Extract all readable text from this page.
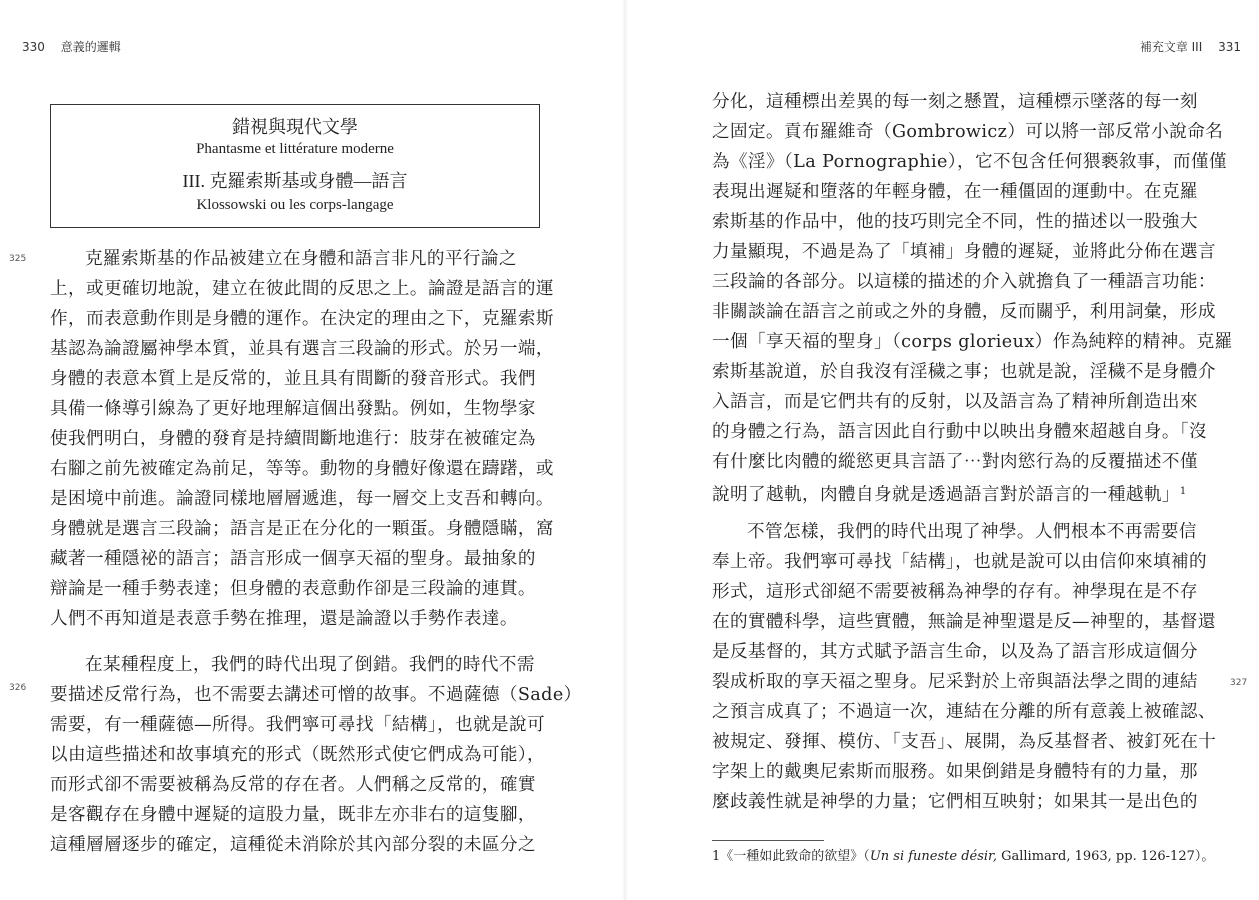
330 意義的邏輯
錯視與現代文學
Phantasme et littérature moderne
III. 克羅索斯基或身體—語言
Klossowski ou les corps-langage
325
326
克羅索斯基的作品被建立在身體和語言非凡的平行論之
上，或更確切地說，建立在彼此間的反思之上。論證是語言的運
作，而表意動作則是身體的運作。在決定的理由之下，克羅索斯
基認為論證屬神學本質，並具有選言三段論的形式。於另一端，
身體的表意本質上是反常的，並且具有間斷的發音形式。我們
具備一條導引線為了更好地理解這個出發點。例如，生物學家
使我們明白，身體的發育是持續間斷地進行：肢芽在被確定為
右腳之前先被確定為前足，等等。動物的身體好像還在躊躇，或
是困境中前進。論證同樣地層層遞進，每一層交上支吾和轉向。
身體就是選言三段論；語言是正在分化的一顆蛋。身體隱瞞，窩
藏著一種隱祕的語言；語言形成一個享天福的聖身。最抽象的
辯論是一種手勢表達；但身體的表意動作卻是三段論的連貫。
人們不再知道是表意手勢在推理，還是論證以手勢作表達。
在某種程度上，我們的時代出現了倒錯。我們的時代不需
要描述反常行為，也不需要去講述可憎的故事。不過薩德（Sade）
需要，有一種薩德—所得。我們寧可尋找「結構」，也就是說可
以由這些描述和故事填充的形式（既然形式使它們成為可能），
而形式卻不需要被稱為反常的存在者。人們稱之反常的，確實
是客觀存在身體中遲疑的這股力量，既非左亦非右的這隻腳，
這種層層逐步的確定，這種從未消除於其內部分裂的未區分之
補充文章 III 331
327
分化，這種標出差異的每一刻之懸置，這種標示墜落的每一刻
之固定。貢布羅維奇（Gombrowicz）可以將一部反常小說命名
為《淫》（La Pornographie），它不包含任何猥褻敘事，而僅僅
表現出遲疑和墮落的年輕身體，在一種僵固的運動中。在克羅
索斯基的作品中，他的技巧則完全不同，性的描述以一股強大
力量顯現，不過是為了「填補」身體的遲疑，並將此分佈在選言
三段論的各部分。以這樣的描述的介入就擔負了一種語言功能：
非關談論在語言之前或之外的身體，反而關乎，利用詞彙，形成
一個「享天福的聖身」（corps glorieux）作為純粹的精神。克羅
索斯基說道，於自我沒有淫穢之事；也就是說，淫穢不是身體介
入語言，而是它們共有的反射，以及語言為了精神所創造出來
的身體之行為，語言因此自行動中以映出身體來超越自身。「沒
有什麼比肉體的縱慾更具言語了⋯對肉慾行為的反覆描述不僅
說明了越軌，肉體自身就是透過語言對於語言的一種越軌」$^1$
不管怎樣，我們的時代出現了神學。人們根本不再需要信
奉上帝。我們寧可尋找「結構」，也就是說可以由信仰來填補的
形式，這形式卻絕不需要被稱為神學的存有。神學現在是不存
在的實體科學，這些實體，無論是神聖還是反—神聖的，基督還
是反基督的，其方式賦予語言生命，以及為了語言形成這個分
裂成析取的享天福之聖身。尼采對於上帝與語法學之間的連結
之預言成真了；不過這一次，連結在分離的所有意義上被確認、
被規定、發揮、模仿、「支吾」、展開，為反基督者、被釘死在十
字架上的戴奧尼索斯而服務。如果倒錯是身體特有的力量，那
麼歧義性就是神學的力量；它們相互映射；如果其一是出色的
1《一種如此致命的欲望》（Un si funeste désir, Gallimard, 1963, pp. 126-127）。
